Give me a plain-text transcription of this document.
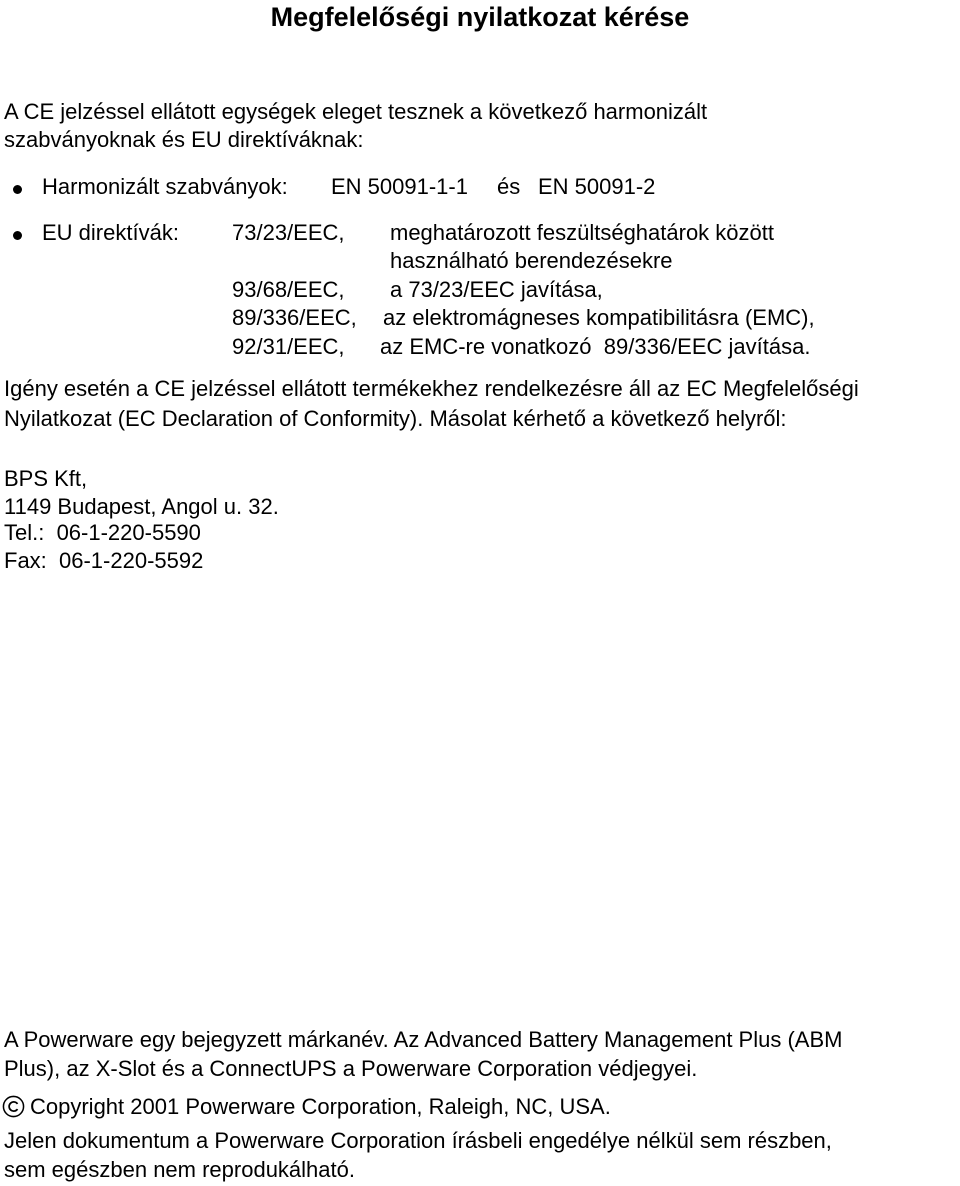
Megfelelőségi nyilatkozat kérése
A CE jelzéssel ellátott egységek eleget tesznek a következő harmonizált
szabványoknak és EU direktíváknak:
Harmonizált szabványok: EN 50091-1-1 és EN 50091-2
EU direktívák: 73/23/EEC, meghatározott feszültséghatárok között
használható berendezésekre
93/68/EEC, a 73/23/EEC javítása,
89/336/EEC, az elektromágneses kompatibilitásra (EMC),
92/31/EEC, az EMC-re vonatkozó  89/336/EEC javítása.
Igény esetén a CE jelzéssel ellátott termékekhez rendelkezésre áll az EC Megfelelőségi
Nyilatkozat (EC Declaration of Conformity). Másolat kérhető a következő helyről:
BPS Kft,
1149 Budapest, Angol u. 32.
Tel.:  06-1-220-5590
Fax:  06-1-220-5592
A Powerware egy bejegyzett márkanév. Az Advanced Battery Management Plus (ABM
Plus), az X-Slot és a ConnectUPS a Powerware Corporation védjegyei.
Copyright 2001 Powerware Corporation, Raleigh, NC, USA.
Jelen dokumentum a Powerware Corporation írásbeli engedélye nélkül sem részben,
sem egészben nem reprodukálható.
